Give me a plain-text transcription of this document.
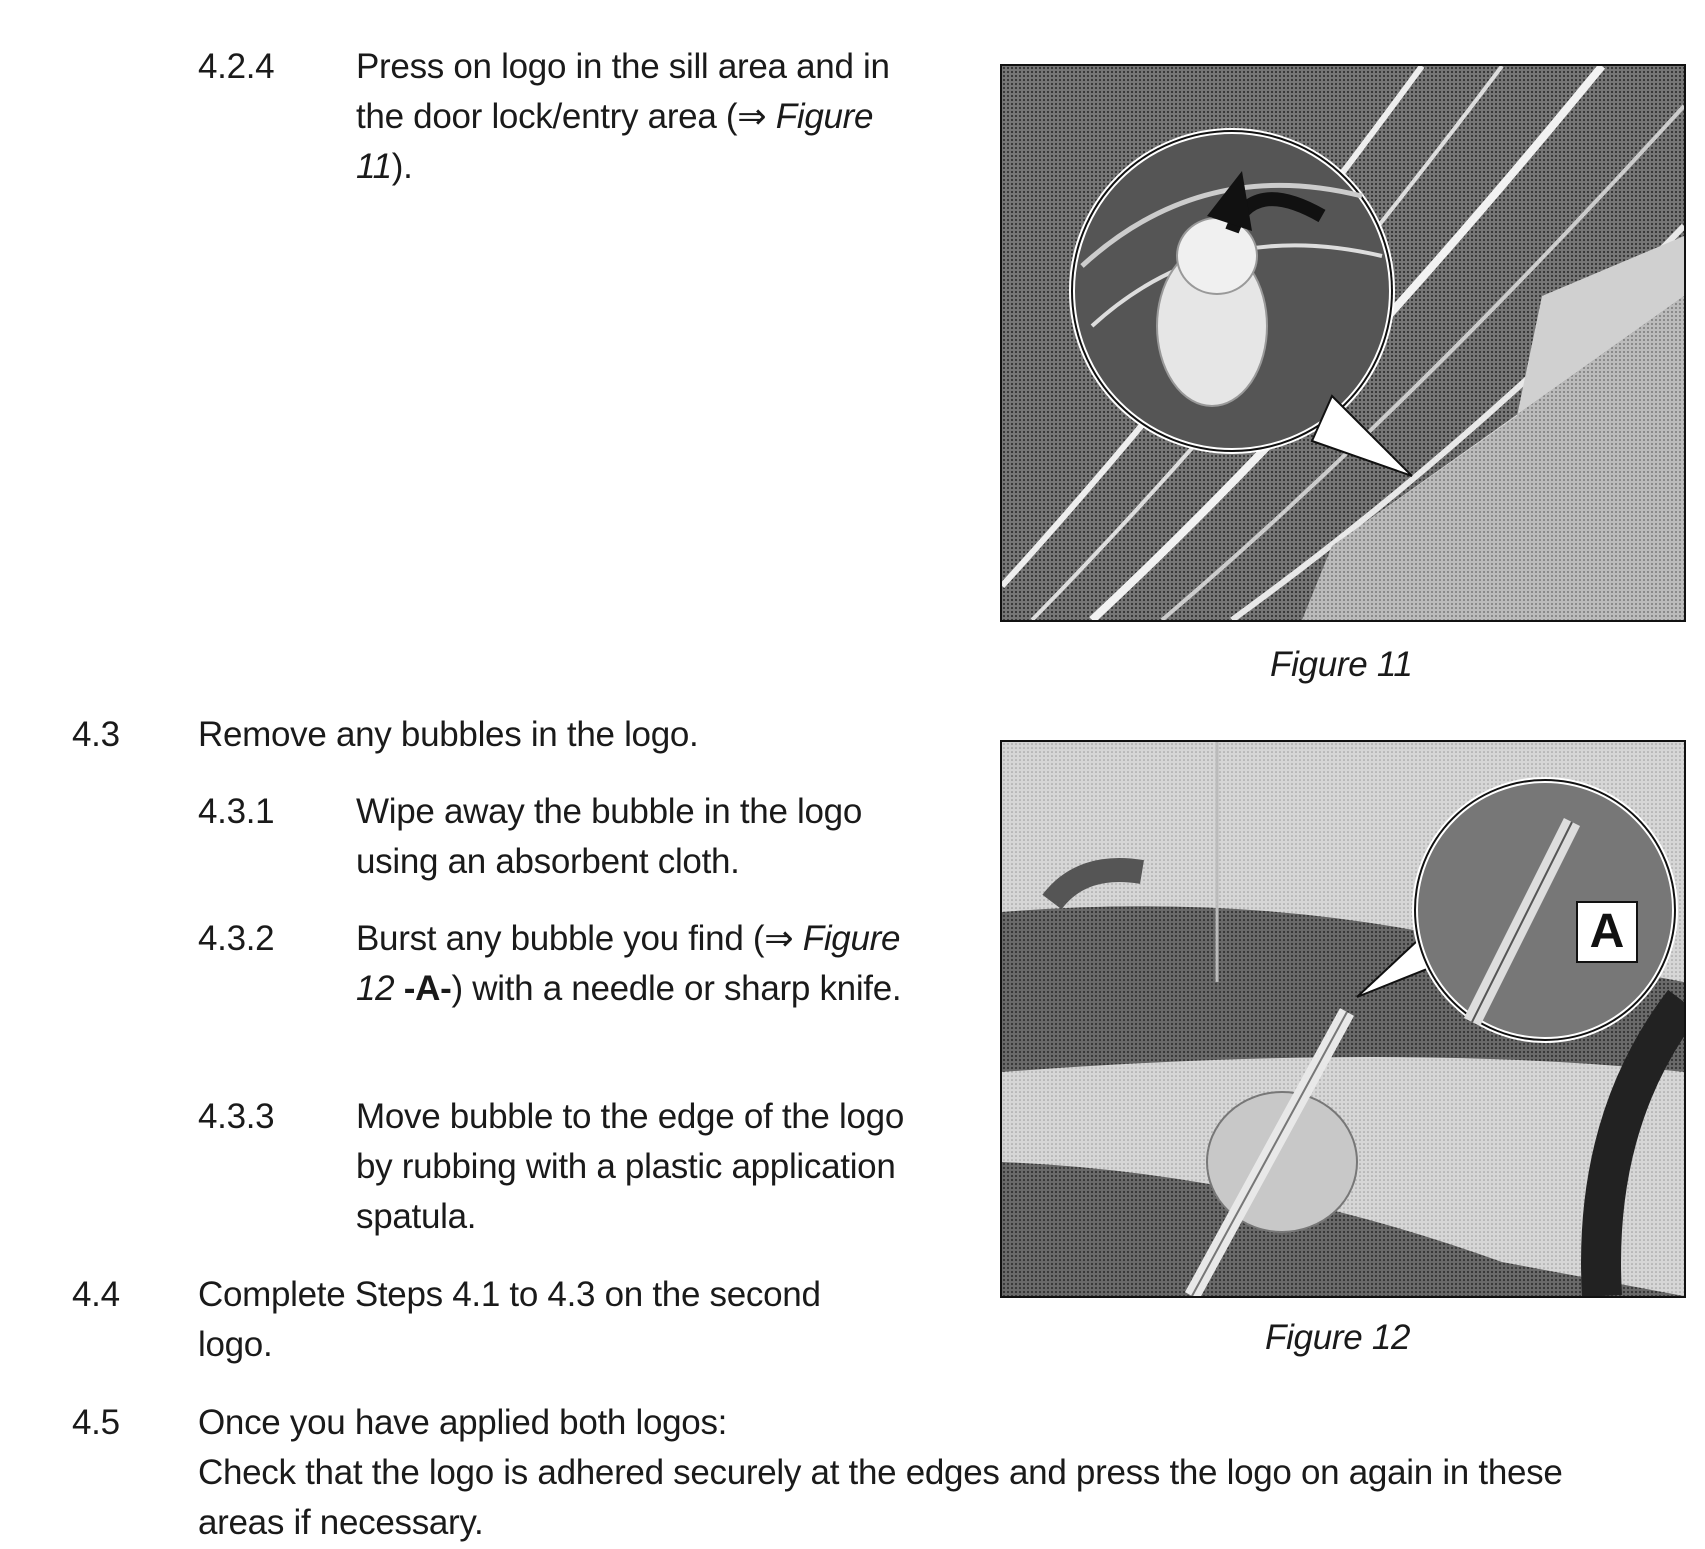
4.2.4 Press on logo in the sill area and in
the door lock/entry area (⇒ Figure
11).
4.3 Remove any bubbles in the logo.
4.3.1 Wipe away the bubble in the logo
using an absorbent cloth.
4.3.2 Burst any bubble you find (⇒ Figure
12 -A-) with a needle or sharp knife.
4.3.3 Move bubble to the edge of the logo
by rubbing with a plastic application
spatula.
4.4 Complete Steps 4.1 to 4.3 on the second
logo.
4.5 Once you have applied both logos:
Check that the logo is adhered securely at the edges and press the logo on again in these
areas if necessary.
Figure 11
A
Figure 12
